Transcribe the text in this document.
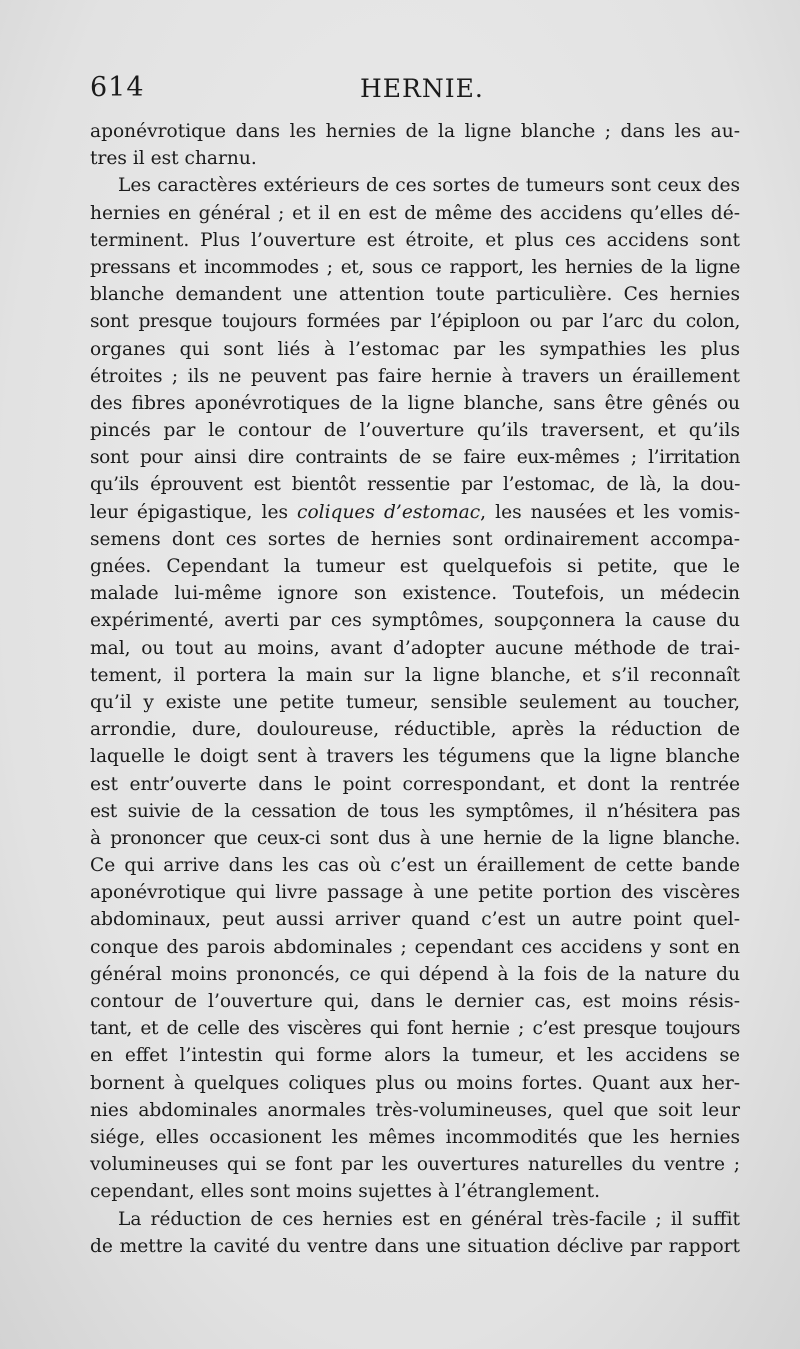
614	HERNIE.
aponévrotique dans les hernies de la ligne blanche ; dans les au-
tres il est charnu.
Les caractères extérieurs de ces sortes de tumeurs sont ceux des
hernies en général ; et il en est de même des accidens qu’elles dé-
terminent. Plus l’ouverture est étroite, et plus ces accidens sont
pressans et incommodes ; et, sous ce rapport, les hernies de la ligne
blanche demandent une attention toute particulière. Ces hernies
sont presque toujours formées par l’épiploon ou par l’arc du colon,
organes qui sont liés à l’estomac par les sympathies les plus
étroites ; ils ne peuvent pas faire hernie à travers un éraillement
des fibres aponévrotiques de la ligne blanche, sans être gênés ou
pincés par le contour de l’ouverture qu’ils traversent, et qu’ils
sont pour ainsi dire contraints de se faire eux-mêmes ; l’irritation
qu’ils éprouvent est bientôt ressentie par l’estomac, de là, la dou-
leur épigastique, les coliques d’estomac, les nausées et les vomis-
semens dont ces sortes de hernies sont ordinairement accompa-
gnées. Cependant la tumeur est quelquefois si petite, que le
malade lui-même ignore son existence. Toutefois, un médecin
expérimenté, averti par ces symptômes, soupçonnera la cause du
mal, ou tout au moins, avant d’adopter aucune méthode de trai-
tement, il portera la main sur la ligne blanche, et s’il reconnaît
qu’il y existe une petite tumeur, sensible seulement au toucher,
arrondie, dure, douloureuse, réductible, après la réduction de
laquelle le doigt sent à travers les tégumens que la ligne blanche
est entr’ouverte dans le point correspondant, et dont la rentrée
est suivie de la cessation de tous les symptômes, il n’hésitera pas
à prononcer que ceux-ci sont dus à une hernie de la ligne blanche.
Ce qui arrive dans les cas où c’est un éraillement de cette bande
aponévrotique qui livre passage à une petite portion des viscères
abdominaux, peut aussi arriver quand c’est un autre point quel-
conque des parois abdominales ; cependant ces accidens y sont en
général moins prononcés, ce qui dépend à la fois de la nature du
contour de l’ouverture qui, dans le dernier cas, est moins résis-
tant, et de celle des viscères qui font hernie ; c’est presque toujours
en effet l’intestin qui forme alors la tumeur, et les accidens se
bornent à quelques coliques plus ou moins fortes. Quant aux her-
nies abdominales anormales très-volumineuses, quel que soit leur
siége, elles occasionent les mêmes incommodités que les hernies
volumineuses qui se font par les ouvertures naturelles du ventre ;
cependant, elles sont moins sujettes à l’étranglement.
La réduction de ces hernies est en général très-facile ; il suffit
de mettre la cavité du ventre dans une situation déclive par rapport
